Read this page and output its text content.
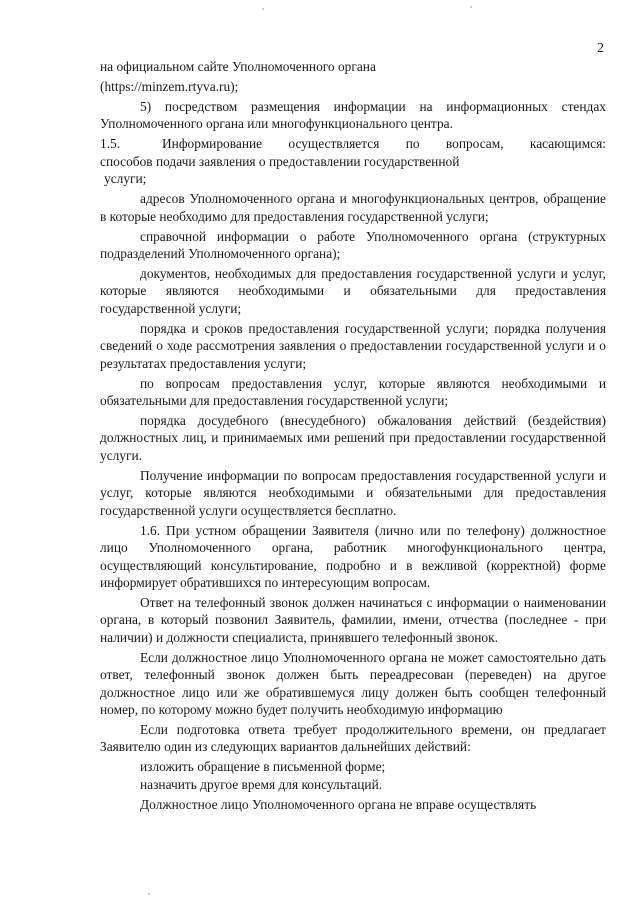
2

на официальном сайте Уполномоченного органа

(https://minzem.rtyva.ru);

5) посредством размещения информации на информационных стендах Уполномоченного органа или многофункционального центра.

1.5.	Информирование осуществляется по вопросам, касающимся:

способов подачи заявления о предоставлении государственной

услуги;

адресов Уполномоченного органа и многофункциональных центров, обращение в которые необходимо для предоставления государственной услуги;

справочной информации о работе Уполномоченного органа (структурных подразделений Уполномоченного органа);

документов, необходимых для предоставления государственной услуги и услуг, которые являются необходимыми и обязательными для предоставления государственной услуги;

порядка и сроков предоставления государственной услуги; порядка получения сведений о ходе рассмотрения заявления о предоставлении государственной услуги и о результатах предоставления услуги;

по вопросам предоставления услуг, которые являются необходимыми и обязательными для предоставления государственной услуги;

порядка досудебного (внесудебного) обжалования действий (бездействия) должностных лиц, и принимаемых ими решений при предоставлении государственной услуги.

Получение информации по вопросам предоставления государственной услуги и услуг, которые являются необходимыми и обязательными для предоставления государственной услуги осуществляется бесплатно.

1.6. При устном обращении Заявителя (лично или по телефону) должностное лицо Уполномоченного органа, работник многофункционального центра, осуществляющий консультирование, подробно и в вежливой (корректной) форме информирует обратившихся по интересующим вопросам.

Ответ на телефонный звонок должен начинаться с информации о наименовании органа, в который позвонил Заявитель, фамилии, имени, отчества (последнее - при наличии) и должности специалиста, принявшего телефонный звонок.

Если должностное лицо Уполномоченного органа не может самостоятельно дать ответ, телефонный звонок должен быть переадресован (переведен) на другое должностное лицо или же обратившемуся лицу должен быть сообщен телефонный номер, по которому можно будет получить необходимую информацию

Если подготовка ответа требует продолжительного времени, он предлагает Заявителю один из следующих вариантов дальнейших действий:

изложить обращение в письменной форме;

назначить другое время для консультаций.

Должностное лицо Уполномоченного органа не вправе осуществлять
